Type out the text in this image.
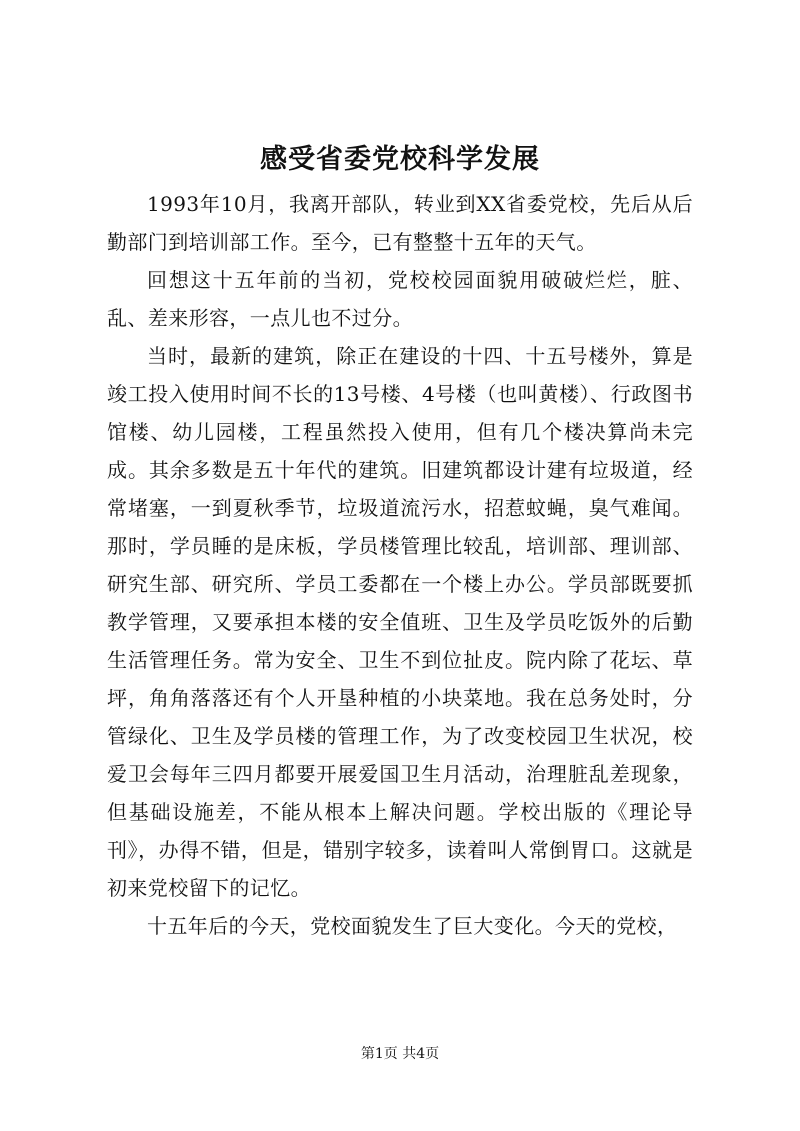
感受省委党校科学发展

1993年10月，我离开部队，转业到XX省委党校，先后从后勤部门到培训部工作。至今，已有整整十五年的天气。

回想这十五年前的当初，党校校园面貌用破破烂烂，脏、乱、差来形容，一点儿也不过分。

当时，最新的建筑，除正在建设的十四、十五号楼外，算是竣工投入使用时间不长的13号楼、4号楼（也叫黄楼）、行政图书馆楼、幼儿园楼，工程虽然投入使用，但有几个楼决算尚未完成。其余多数是五十年代的建筑。旧建筑都设计建有垃圾道，经常堵塞，一到夏秋季节，垃圾道流污水，招惹蚊蝇，臭气难闻。那时，学员睡的是床板，学员楼管理比较乱，培训部、理训部、研究生部、研究所、学员工委都在一个楼上办公。学员部既要抓教学管理，又要承担本楼的安全值班、卫生及学员吃饭外的后勤生活管理任务。常为安全、卫生不到位扯皮。院内除了花坛、草坪，角角落落还有个人开垦种植的小块菜地。我在总务处时，分管绿化、卫生及学员楼的管理工作，为了改变校园卫生状况，校爱卫会每年三四月都要开展爱国卫生月活动，治理脏乱差现象，但基础设施差，不能从根本上解决问题。学校出版的《理论导刊》，办得不错，但是，错别字较多，读着叫人常倒胃口。这就是初来党校留下的记忆。

十五年后的今天，党校面貌发生了巨大变化。今天的党校，

第1页 共4页
